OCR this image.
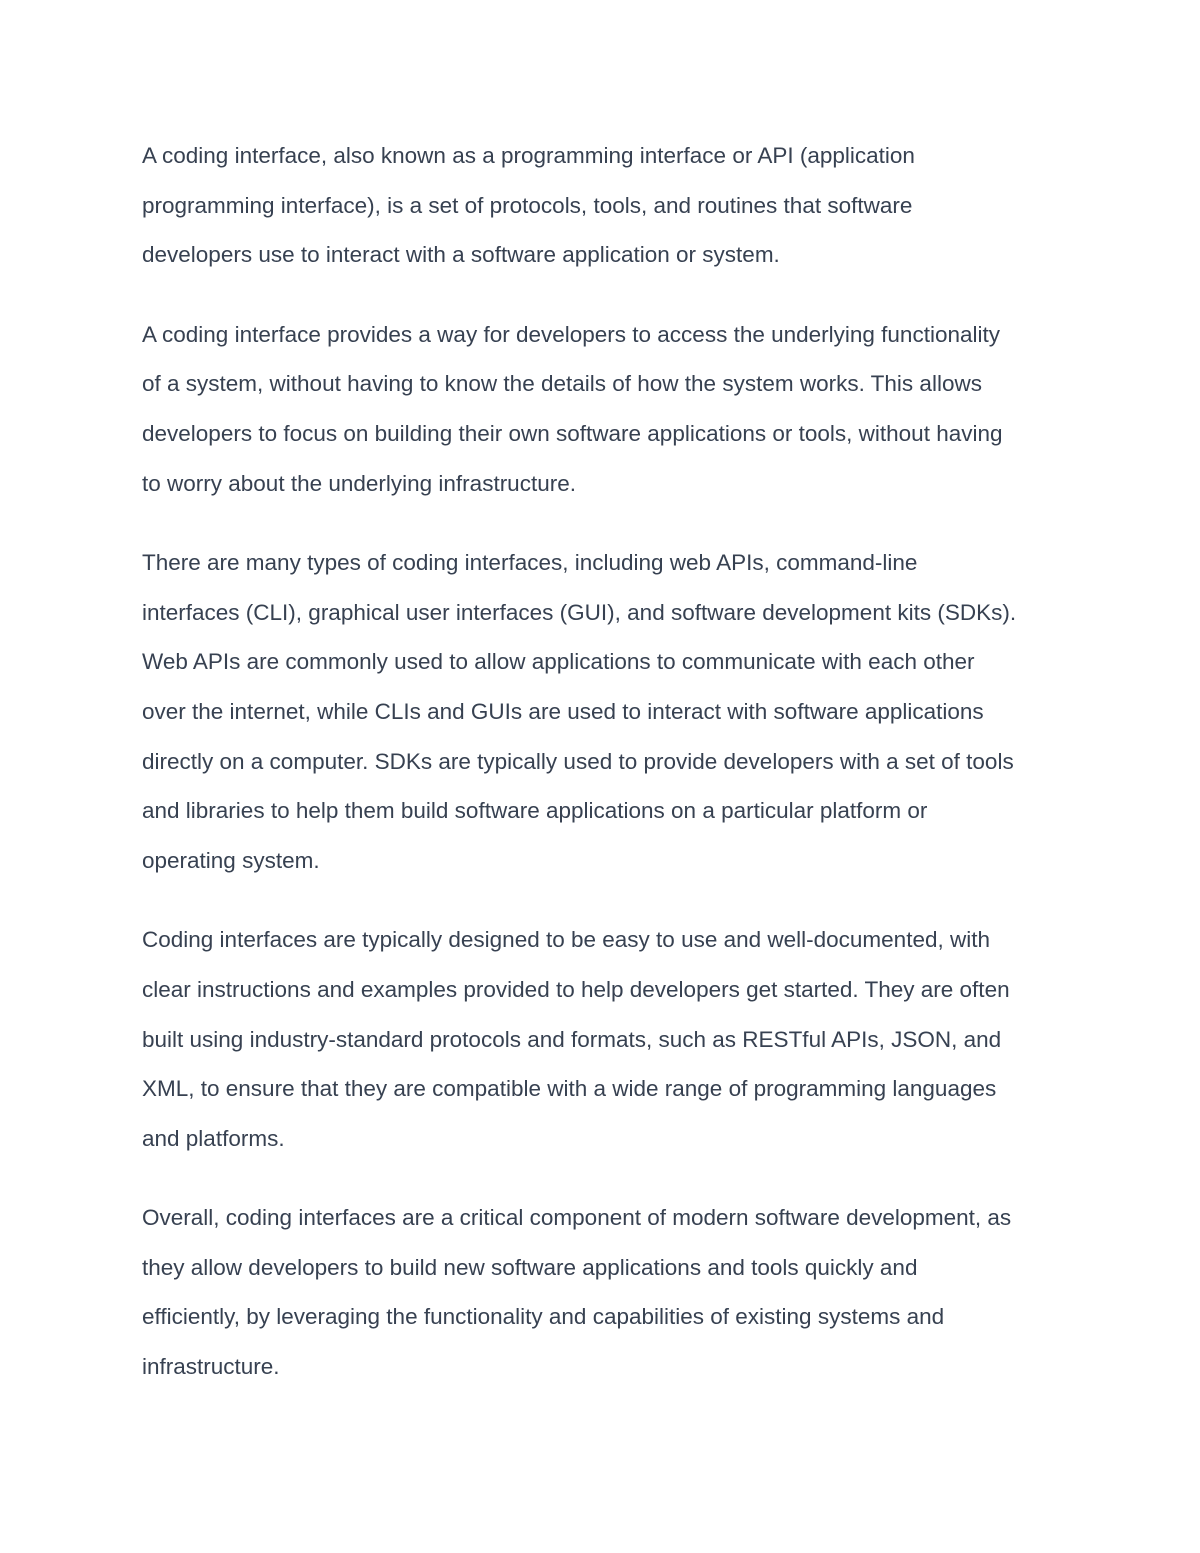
A coding interface, also known as a programming interface or API (application
programming interface), is a set of protocols, tools, and routines that software
developers use to interact with a software application or system.

A coding interface provides a way for developers to access the underlying functionality
of a system, without having to know the details of how the system works. This allows
developers to focus on building their own software applications or tools, without having
to worry about the underlying infrastructure.

There are many types of coding interfaces, including web APIs, command-line
interfaces (CLI), graphical user interfaces (GUI), and software development kits (SDKs).
Web APIs are commonly used to allow applications to communicate with each other
over the internet, while CLIs and GUIs are used to interact with software applications
directly on a computer. SDKs are typically used to provide developers with a set of tools
and libraries to help them build software applications on a particular platform or
operating system.

Coding interfaces are typically designed to be easy to use and well-documented, with
clear instructions and examples provided to help developers get started. They are often
built using industry-standard protocols and formats, such as RESTful APIs, JSON, and
XML, to ensure that they are compatible with a wide range of programming languages
and platforms.

Overall, coding interfaces are a critical component of modern software development, as
they allow developers to build new software applications and tools quickly and
efficiently, by leveraging the functionality and capabilities of existing systems and
infrastructure.
